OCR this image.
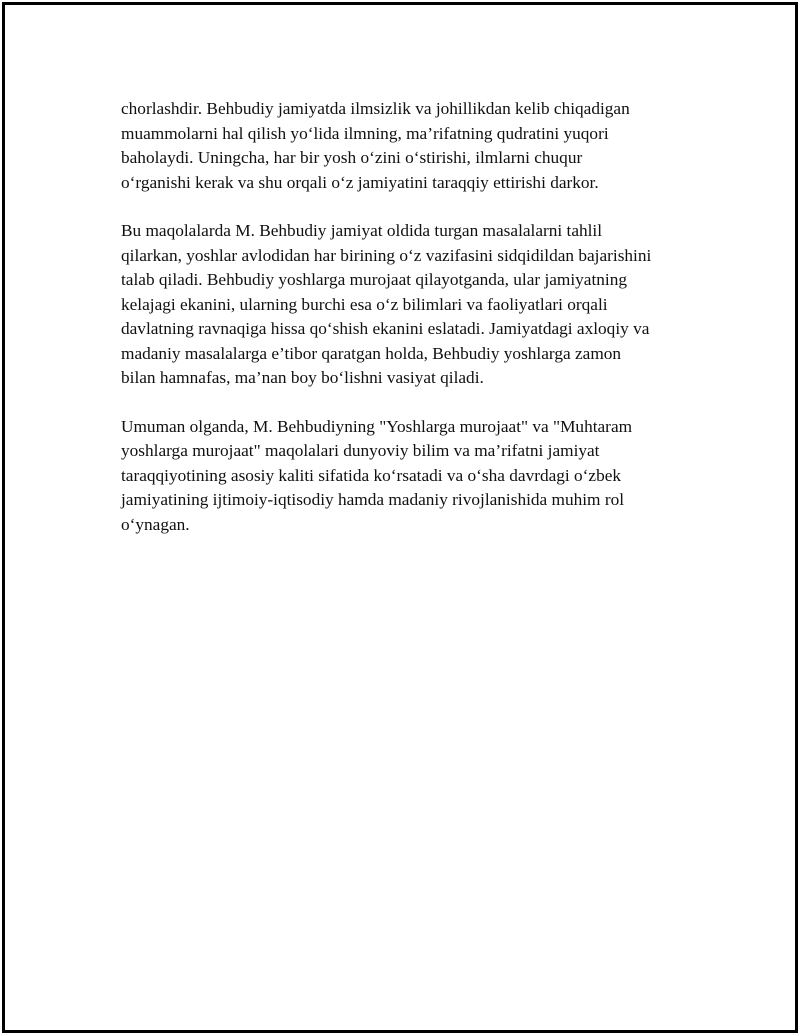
chorlashdir. Behbudiy jamiyatda ilmsizlik va johillikdan kelib chiqadigan
muammolarni hal qilish yo‘lida ilmning, ma’rifatning qudratini yuqori
baholaydi. Uningcha, har bir yosh o‘zini o‘stirishi, ilmlarni chuqur
o‘rganishi kerak va shu orqali o‘z jamiyatini taraqqiy ettirishi darkor.

Bu maqolalarda M. Behbudiy jamiyat oldida turgan masalalarni tahlil
qilarkan, yoshlar avlodidan har birining o‘z vazifasini sidqidildan bajarishini
talab qiladi. Behbudiy yoshlarga murojaat qilayotganda, ular jamiyatning
kelajagi ekanini, ularning burchi esa o‘z bilimlari va faoliyatlari orqali
davlatning ravnaqiga hissa qo‘shish ekanini eslatadi. Jamiyatdagi axloqiy va
madaniy masalalarga e’tibor qaratgan holda, Behbudiy yoshlarga zamon
bilan hamnafas, ma’nan boy bo‘lishni vasiyat qiladi.

Umuman olganda, M. Behbudiyning "Yoshlarga murojaat" va "Muhtaram
yoshlarga murojaat" maqolalari dunyoviy bilim va ma’rifatni jamiyat
taraqqiyotining asosiy kaliti sifatida ko‘rsatadi va o‘sha davrdagi o‘zbek
jamiyatining ijtimoiy-iqtisodiy hamda madaniy rivojlanishida muhim rol
o‘ynagan.
